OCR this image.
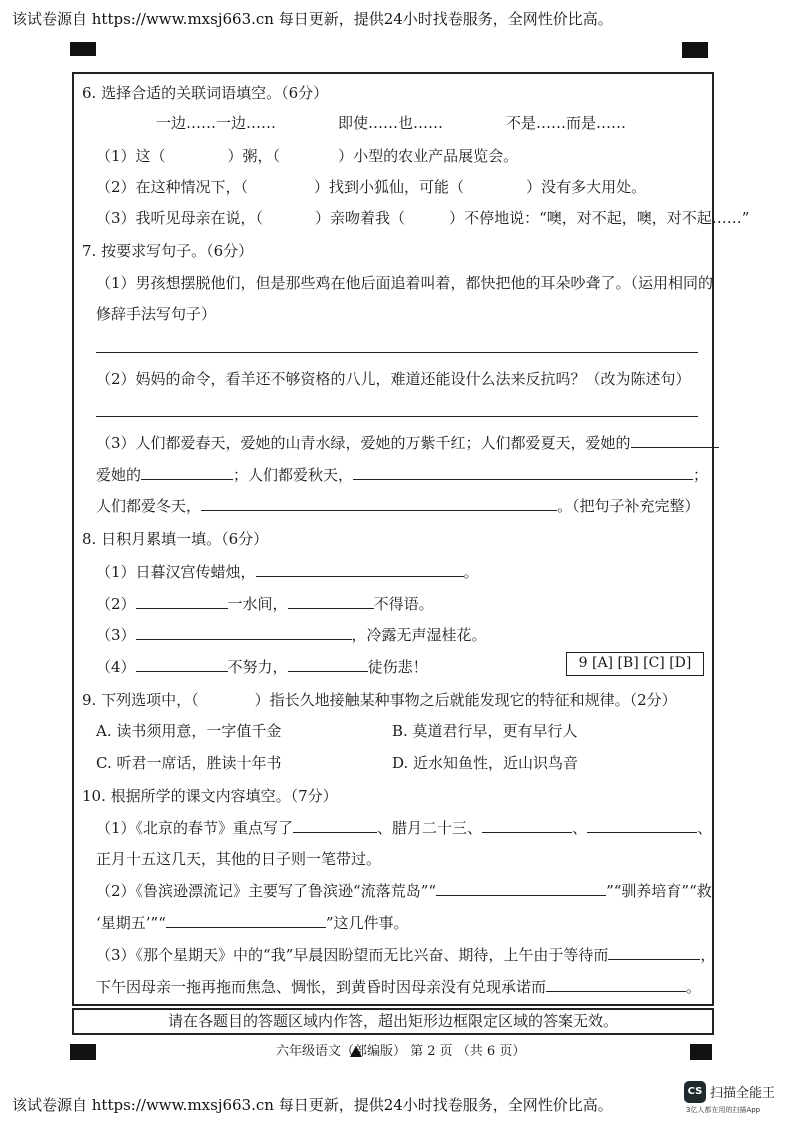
该试卷源自 https://www.mxsj663.cn 每日更新，提供24小时找卷服务，全网性价比高。
6. 选择合适的关联词语填空。（6分）
一边……一边……	即使……也……	不是……而是……
（1）这（	）粥，（	）小型的农业产品展览会。
（2）在这种情况下，（	）找到小狐仙，可能（	）没有多大用处。
（3）我听见母亲在说，（	）亲吻着我（	）不停地说：“噢，对不起，噢，对不起……”
7. 按要求写句子。（6分）
（1）男孩想摆脱他们，但是那些鸡在他后面追着叫着，都快把他的耳朵吵聋了。（运用相同的
修辞手法写句子）
（2）妈妈的命令，看羊还不够资格的八儿，难道还能设什么法来反抗吗？（改为陈述句）
（3）人们都爱春天，爱她的山青水绿，爱她的万紫千红；人们都爱夏天，爱她的
爱她的	；人们都爱秋天，	；
人们都爱冬天，	。（把句子补充完整）
8. 日积月累填一填。（6分）
（1）日暮汉宫传蜡烛，	。
（2）	一水间，	不得语。
（3）	，冷露无声湿桂花。
（4）	不努力，	徒伤悲！	9 [A] [B] [C] [D]
9. 下列选项中，（	）指长久地接触某种事物之后就能发现它的特征和规律。（2分）
A. 读书须用意，一字值千金	B. 莫道君行早，更有早行人
C. 听君一席话，胜读十年书	D. 近水知鱼性，近山识鸟音
10. 根据所学的课文内容填空。（7分）
（1）《北京的春节》重点写了	、腊月二十三、	、	、
正月十五这几天，其他的日子则一笔带过。
（2）《鲁滨逊漂流记》主要写了鲁滨逊“流落荒岛”“	”“驯养培育”“救
‘星期五’”“	”这几件事。
（3）《那个星期天》中的“我”早晨因盼望而无比兴奋、期待，上午由于等待而	，
下午因母亲一拖再拖而焦急、惆怅，到黄昏时因母亲没有兑现承诺而	。
请在各题目的答题区域内作答，超出矩形边框限定区域的答案无效。
六年级语文（部编版） 第 2 页 （共 6 页）
该试卷源自 https://www.mxsj663.cn 每日更新，提供24小时找卷服务，全网性价比高。
CS 扫描全能王
3亿人都在用的扫描App
